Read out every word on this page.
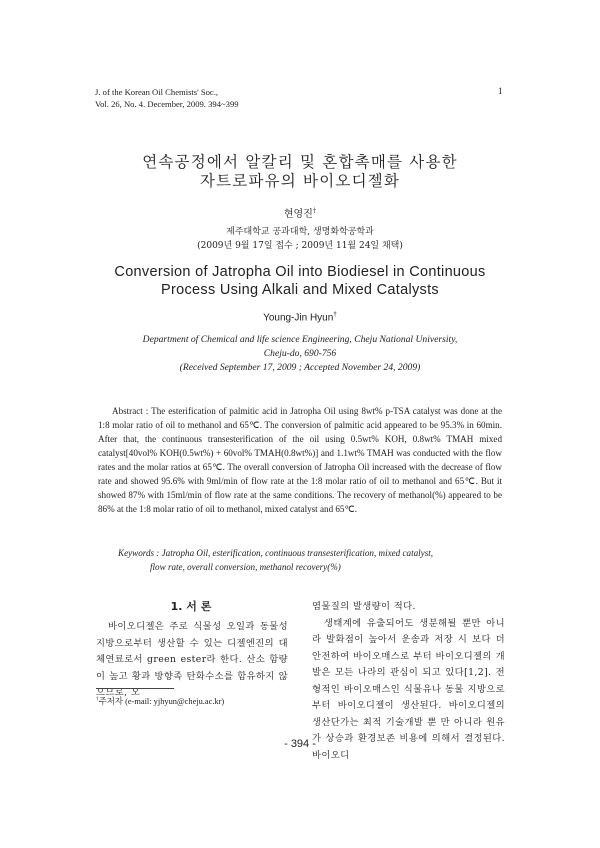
J. of the Korean Oil Chemists' Soc.,
Vol. 26, No. 4. December, 2009. 394~399
1
연속공정에서 알칼리 및 혼합촉매를 사용한
자트로파유의 바이오디젤화
현영진†
제주대학교 공과대학, 생명화학공학과
(2009년 9월 17일 접수 ; 2009년 11월 24일 채택)
Conversion of Jatropha Oil into Biodiesel in Continuous
Process Using Alkali and Mixed Catalysts
Young-Jin Hyun†
Department of Chemical and life science Engineering, Cheju National University,
Cheju-do, 690-756
(Received September 17, 2009 ; Accepted November 24, 2009)
Abstract : The esterification of palmitic acid in Jatropha Oil using 8wt% p-TSA catalyst was done at the 1:8 molar ratio of oil to methanol and 65℃. The conversion of palmitic acid appeared to be 95.3% in 60min. After that, the continuous transesterification of the oil using 0.5wt% KOH, 0.8wt% TMAH mixed catalyst[40vol% KOH(0.5wt%) + 60vol% TMAH(0.8wt%)] and 1.1wt% TMAH was conducted with the flow rates and the molar ratios at 65℃. The overall conversion of Jatropha Oil increased with the decrease of flow rate and showed 95.6% with 9ml/min of flow rate at the 1:8 molar ratio of oil to methanol and 65℃. But it showed 87% with 15ml/min of flow rate at the same conditions. The recovery of methanol(%) appeared to be 86% at the 1:8 molar ratio of oil to methanol, mixed catalyst and 65℃.
Keywords : Jatropha Oil, esterification, continuous transesterification, mixed catalyst,
flow rate, overall conversion, methanol recovery(%)
1. 서 론
바이오디젤은 주로 식물성 오일과 동물성 지방으로부터 생산할 수 있는 디젤엔진의 대체연료로서 green ester라 한다. 산소 함량이 높고 황과 방향족 탄화수소를 함유하지 않으므로, 오

염물질의 발생량이 적다.

생태계에 유출되어도 생분해될 뿐만 아니라 발화점이 높아서 운송과 저장 시 보다 더 안전하여 바이오매스로 부터 바이오디젤의 개발은 모든 나라의 관심이 되고 있다[1,2]. 전형적인 바이오매스인 식물유나 동물 지방으로 부터 바이오디젤이 생산된다. 바이오디젤의 생산단가는 최적 기술개발 뿐 만 아니라 원유가 상승과 환경보존 비용에 의해서 결정된다. 바이오디

†주저자 (e-mail: yjhyun@cheju.ac.kr)
- 394 -
